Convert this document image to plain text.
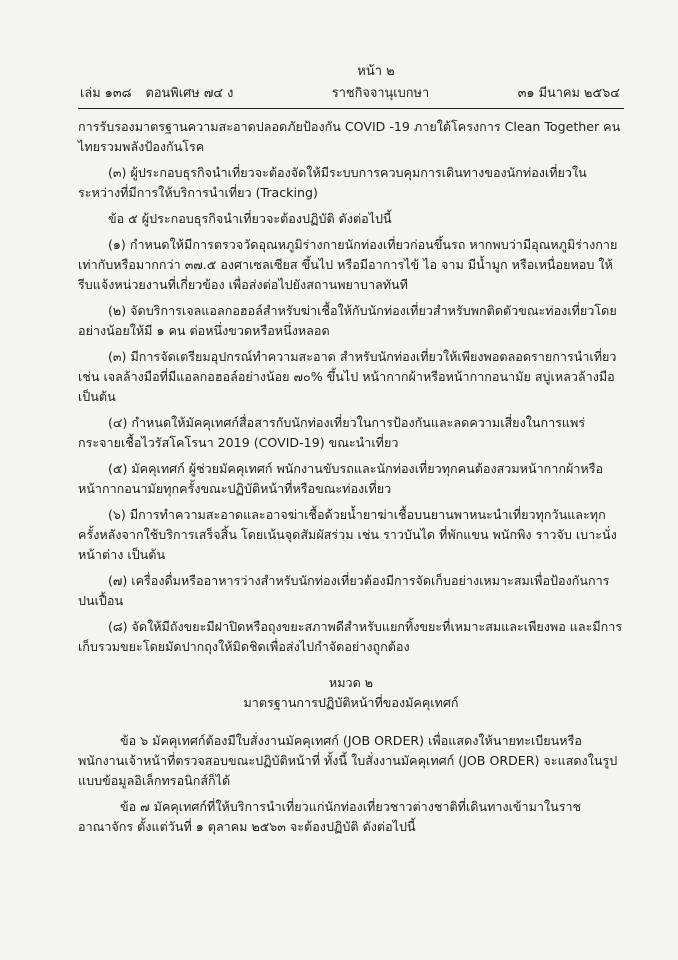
หน้า ๒
เล่ม ๑๓๘ ตอนพิเศษ ๗๔ ง	ราชกิจจานุเบกษา	๓๑ มีนาคม ๒๕๖๔

การรับรองมาตรฐานความสะอาดปลอดภัยป้องกัน COVID -19 ภายใต้โครงการ Clean Together คนไทยรวมพลังป้องกันโรค

(๓) ผู้ประกอบธุรกิจนำเที่ยวจะต้องจัดให้มีระบบการควบคุมการเดินทางของนักท่องเที่ยวในระหว่างที่มีการให้บริการนำเที่ยว (Tracking)

ข้อ ๕ ผู้ประกอบธุรกิจนำเที่ยวจะต้องปฏิบัติ ดังต่อไปนี้

(๑) กำหนดให้มีการตรวจวัดอุณหภูมิร่างกายนักท่องเที่ยวก่อนขึ้นรถ หากพบว่ามีอุณหภูมิร่างกายเท่ากับหรือมากกว่า ๓๗.๕ องศาเซลเซียส ขึ้นไป หรือมีอาการไข้ ไอ จาม มีน้ำมูก หรือเหนื่อยหอบ ให้รีบแจ้งหน่วยงานที่เกี่ยวข้อง เพื่อส่งต่อไปยังสถานพยาบาลทันที

(๒) จัดบริการเจลแอลกอฮอล์สำหรับฆ่าเชื้อให้กับนักท่องเที่ยวสำหรับพกติดตัวขณะท่องเที่ยวโดยอย่างน้อยให้มี ๑ คน ต่อหนึ่งขวดหรือหนึ่งหลอด

(๓) มีการจัดเตรียมอุปกรณ์ทำความสะอาด สำหรับนักท่องเที่ยวให้เพียงพอตลอดรายการนำเที่ยว เช่น เจลล้างมือที่มีแอลกอฮอล์อย่างน้อย ๗๐% ขึ้นไป หน้ากากผ้าหรือหน้ากากอนามัย สบู่เหลวล้างมือเป็นต้น

(๔) กำหนดให้มัคคุเทศก์สื่อสารกับนักท่องเที่ยวในการป้องกันและลดความเสี่ยงในการแพร่กระจายเชื้อไวรัสโคโรนา 2019 (COVID-19) ขณะนำเที่ยว

(๕) มัคคุเทศก์ ผู้ช่วยมัคคุเทศก์ พนักงานขับรถและนักท่องเที่ยวทุกคนต้องสวมหน้ากากผ้าหรือหน้ากากอนามัยทุกครั้งขณะปฏิบัติหน้าที่หรือขณะท่องเที่ยว

(๖) มีการทำความสะอาดและอาจฆ่าเชื้อด้วยน้ำยาฆ่าเชื้อบนยานพาหนะนำเที่ยวทุกวันและทุกครั้งหลังจากใช้บริการเสร็จสิ้น โดยเน้นจุดสัมผัสร่วม เช่น ราวบันได ที่พักแขน พนักพิง ราวจับ เบาะนั่ง หน้าต่าง เป็นต้น

(๗) เครื่องดื่มหรืออาหารว่างสำหรับนักท่องเที่ยวต้องมีการจัดเก็บอย่างเหมาะสมเพื่อป้องกันการปนเปื้อน

(๘) จัดให้มีถังขยะมีฝาปิดหรือถุงขยะสภาพดีสำหรับแยกทิ้งขยะที่เหมาะสมและเพียงพอ และมีการเก็บรวมขยะโดยมัดปากถุงให้มิดชิดเพื่อส่งไปกำจัดอย่างถูกต้อง

หมวด ๒

มาตรฐานการปฏิบัติหน้าที่ของมัคคุเทศก์

ข้อ ๖ มัคคุเทศก์ต้องมีใบสั่งงานมัคคุเทศก์ (JOB ORDER) เพื่อแสดงให้นายทะเบียนหรือพนักงานเจ้าหน้าที่ตรวจสอบขณะปฏิบัติหน้าที่ ทั้งนี้ ใบสั่งงานมัคคุเทศก์ (JOB ORDER) จะแสดงในรูปแบบข้อมูลอิเล็กทรอนิกส์ก็ได้

ข้อ ๗ มัคคุเทศก์ที่ให้บริการนำเที่ยวแก่นักท่องเที่ยวชาวต่างชาติที่เดินทางเข้ามาในราชอาณาจักร ตั้งแต่วันที่ ๑ ตุลาคม ๒๕๖๓ จะต้องปฏิบัติ ดังต่อไปนี้
